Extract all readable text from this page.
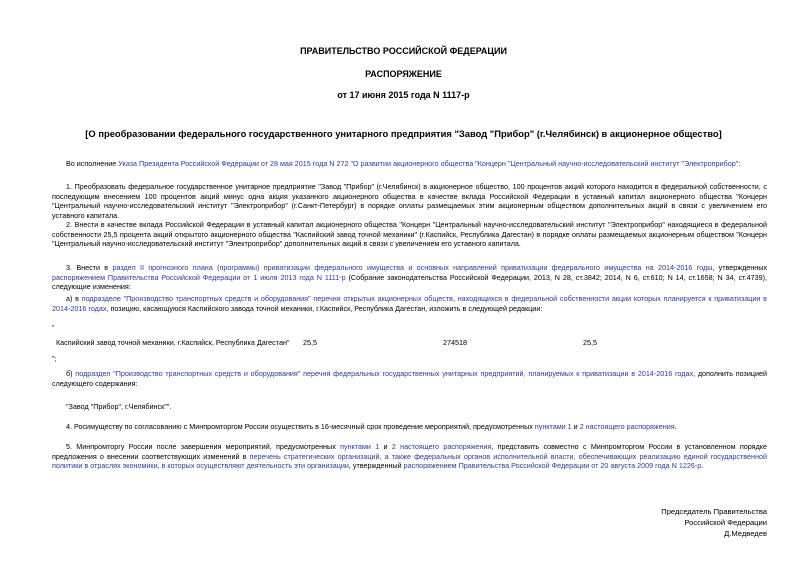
ПРАВИТЕЛЬСТВО РОССИЙСКОЙ ФЕДЕРАЦИИ
РАСПОРЯЖЕНИЕ
от 17 июня 2015 года N 1117-р
[О преобразовании федерального государственного унитарного предприятия "Завод "Прибор" (г.Челябинск) в акционерное общество]
Во исполнение Указа Президента Российской Федерации от 28 мая 2015 года N 272 "О развитии акционерного общества "Концерн "Центральный научно-исследовательский институт "Электроприбор":
1. Преобразовать федеральное государственное унитарное предприятие "Завод "Прибор" (г.Челябинск) в акционерное общество, 100 процентов акций которого находится в федеральной собственности, с последующим внесением 100 процентов акций минус одна акция указанного акционерного общества в качестве вклада Российской Федерации в уставный капитал акционерного общества "Концерн "Центральный научно-исследовательский институт "Электроприбор" (г.Санкт-Петербург) в порядке оплаты размещаемых этим акционерным обществом дополнительных акций в связи с увеличением его уставного капитала.
2. Внести в качестве вклада Российской Федерации в уставный капитал акционерного общества "Концерн "Центральный научно-исследовательский институт "Электроприбор" находящиеся в федеральной собственности 25,5 процента акций открытого акционерного общества "Каспийский завод точной механики" (г.Каспийск, Республика Дагестан) в порядке оплаты размещаемых акционерным обществом "Концерн "Центральный научно-исследовательский институт "Электроприбор" дополнительных акций в связи с увеличением его уставного капитала.
3. Внести в раздел II прогнозного плана (программы) приватизации федерального имущества и основных направлений приватизации федерального имущества на 2014-2016 годы, утвержденных распоряжением Правительства Российской Федерации от 1 июля 2013 года N 1111-р (Собрание законодательства Российской Федерации, 2013, N 28, ст.3842; 2014, N 6, ст.610; N 14, ст.1658; N 34, ст.4739), следующие изменения:
а) в подразделе "Производство транспортных средств и оборудования" перечня открытых акционерных обществ, находящихся в федеральной собственности акции которых планируется к приватизации в 2014-2016 годах, позицию, касающуюся Каспийского завода точной механики, г.Каспийск, Республика Дагестан, изложить в следующей редакции:
"
Каспийский завод точной механики, г.Каспийск, Республика Дагестан" 25,5	274518	25,5
";
б) подраздел "Производство транспортных средств и оборудования" перечня федеральных государственных унитарных предприятий, планируемых к приватизации в 2014-2016 годах, дополнить позицией следующего содержания:
"Завод "Прибор", г.Челябинск"".
4. Росимуществу по согласованию с Минпромторгом России осуществить в 16-месячный срок проведение мероприятий, предусмотренных пунктами 1 и 2 настоящего распоряжения.
5. Минпромторгу России после завершения мероприятий, предусмотренных пунктами 1 и 2 настоящего распоряжения, представить совместно с Минпромторгом России в установленном порядке предложения о внесении соответствующих изменений в перечень стратегических организаций, а также федеральных органов исполнительной власти, обеспечивающих реализацию единой государственной политики в отраслях экономики, в которых осуществляют деятельность эти организации, утвержденный распоряжением Правительства Российской Федерации от 20 августа 2009 года N 1226-р.
Председатель Правительства
Российской Федерации
Д.Медведев
